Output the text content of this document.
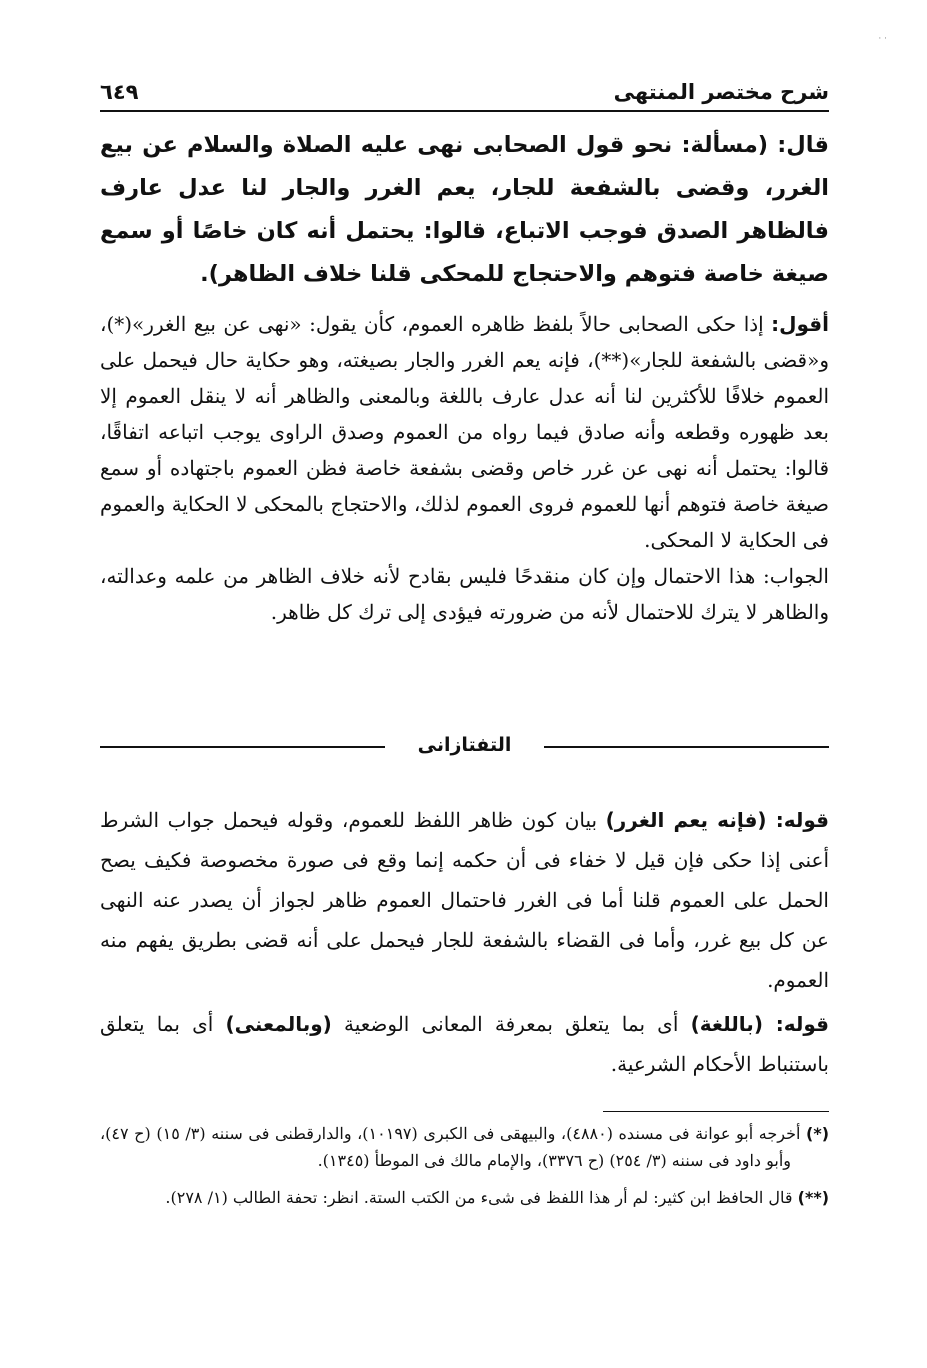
· ·
شرح مختصر المنتهى
٦٤٩

قال: (مسألة: نحو قول الصحابى نهى عليه الصلاة والسلام عن بيع الغرر، وقضى بالشفعة للجار، يعم الغرر والجار لنا عدل عارف فالظاهر الصدق فوجب الاتباع، قالوا: يحتمل أنه كان خاصًا أو سمع صيغة خاصة فتوهم والاحتجاج للمحكى قلنا خلاف الظاهر).

أقول: إذا حكى الصحابى حالاً بلفظ ظاهره العموم، كأن يقول: «نهى عن بيع الغرر»(*)، و«قضى بالشفعة للجار»(**)، فإنه يعم الغرر والجار بصيغته، وهو حكاية حال فيحمل على العموم خلافًا للأكثرين لنا أنه عدل عارف باللغة وبالمعنى والظاهر أنه لا ينقل العموم إلا بعد ظهوره وقطعه وأنه صادق فيما رواه من العموم وصدق الراوى يوجب اتباعه اتفاقًا، قالوا: يحتمل أنه نهى عن غرر خاص وقضى بشفعة خاصة فظن العموم باجتهاده أو سمع صيغة خاصة فتوهم أنها للعموم فروى العموم لذلك، والاحتجاج بالمحكى لا الحكاية والعموم فى الحكاية لا المحكى.

الجواب: هذا الاحتمال وإن كان منقدحًا فليس بقادح لأنه خلاف الظاهر من علمه وعدالته، والظاهر لا يترك للاحتمال لأنه من ضرورته فيؤدى إلى ترك كل ظاهر.

التفتازانى

قوله: (فإنه يعم الغرر) بيان كون ظاهر اللفظ للعموم، وقوله فيحمل جواب الشرط أعنى إذا حكى فإن قيل لا خفاء فى أن حكمه إنما وقع فى صورة مخصوصة فكيف يصح الحمل على العموم قلنا أما فى الغرر فاحتمال العموم ظاهر لجواز أن يصدر عنه النهى عن كل بيع غرر، وأما فى القضاء بالشفعة للجار فيحمل على أنه قضى بطريق يفهم منه العموم.

قوله: (باللغة) أى بما يتعلق بمعرفة المعانى الوضعية (وبالمعنى) أى بما يتعلق باستنباط الأحكام الشرعية.

(*) أخرجه أبو عوانة فى مسنده (٤٨٨٠)، والبيهقى فى الكبرى (١٠١٩٧)، والدارقطنى فى سننه (٣/ ١٥) (ح ٤٧)، وأبو داود فى سننه (٣/ ٢٥٤) (ح ٣٣٧٦)، والإمام مالك فى الموطأ (١٣٤٥).

(**) قال الحافظ ابن كثير: لم أر هذا اللفظ فى شىء من الكتب الستة. انظر: تحفة الطالب (١/ ٢٧٨).
